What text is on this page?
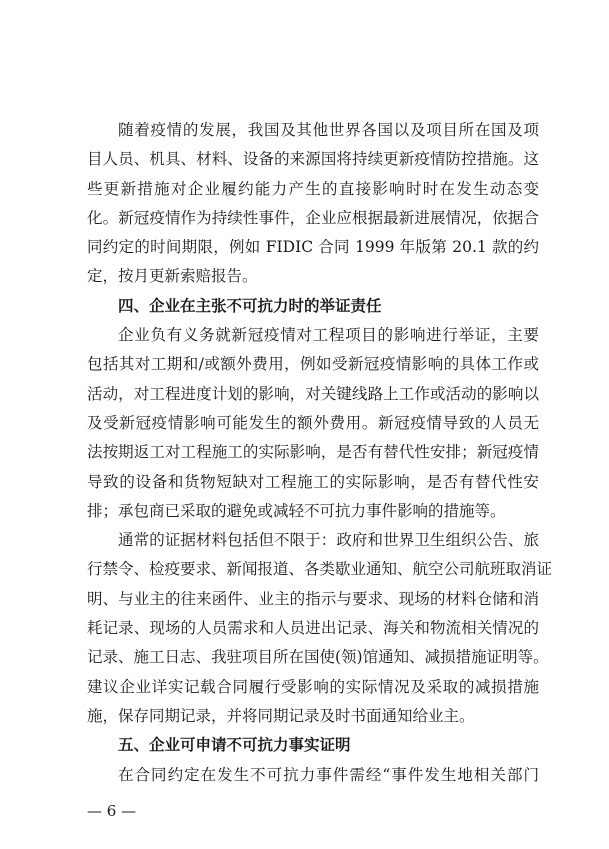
随着疫情的发展，我国及其他世界各国以及项目所在国及项
目人员、机具、材料、设备的来源国将持续更新疫情防控措施。这
些更新措施对企业履约能力产生的直接影响时时在发生动态变
化。新冠疫情作为持续性事件，企业应根据最新进展情况，依据合
同约定的时间期限，例如 FIDIC 合同 1999 年版第 20.1 款的约
定，按月更新索赔报告。
四、企业在主张不可抗力时的举证责任
企业负有义务就新冠疫情对工程项目的影响进行举证，主要
包括其对工期和/或额外费用，例如受新冠疫情影响的具体工作或
活动，对工程进度计划的影响，对关键线路上工作或活动的影响以
及受新冠疫情影响可能发生的额外费用。新冠疫情导致的人员无
法按期返工对工程施工的实际影响，是否有替代性安排；新冠疫情
导致的设备和货物短缺对工程施工的实际影响，是否有替代性安
排；承包商已采取的避免或减轻不可抗力事件影响的措施等。
通常的证据材料包括但不限于：政府和世界卫生组织公告、旅
行禁令、检疫要求、新闻报道、各类歇业通知、航空公司航班取消证
明、与业主的往来函件、业主的指示与要求、现场的材料仓储和消
耗记录、现场的人员需求和人员进出记录、海关和物流相关情况的
记录、施工日志、我驻项目所在国使(领)馆通知、减损措施证明等。
建议企业详实记载合同履行受影响的实际情况及采取的减损措施
施，保存同期记录，并将同期记录及时书面通知给业主。
五、企业可申请不可抗力事实证明
在合同约定在发生不可抗力事件需经“事件发生地相关部门
— 6 —
